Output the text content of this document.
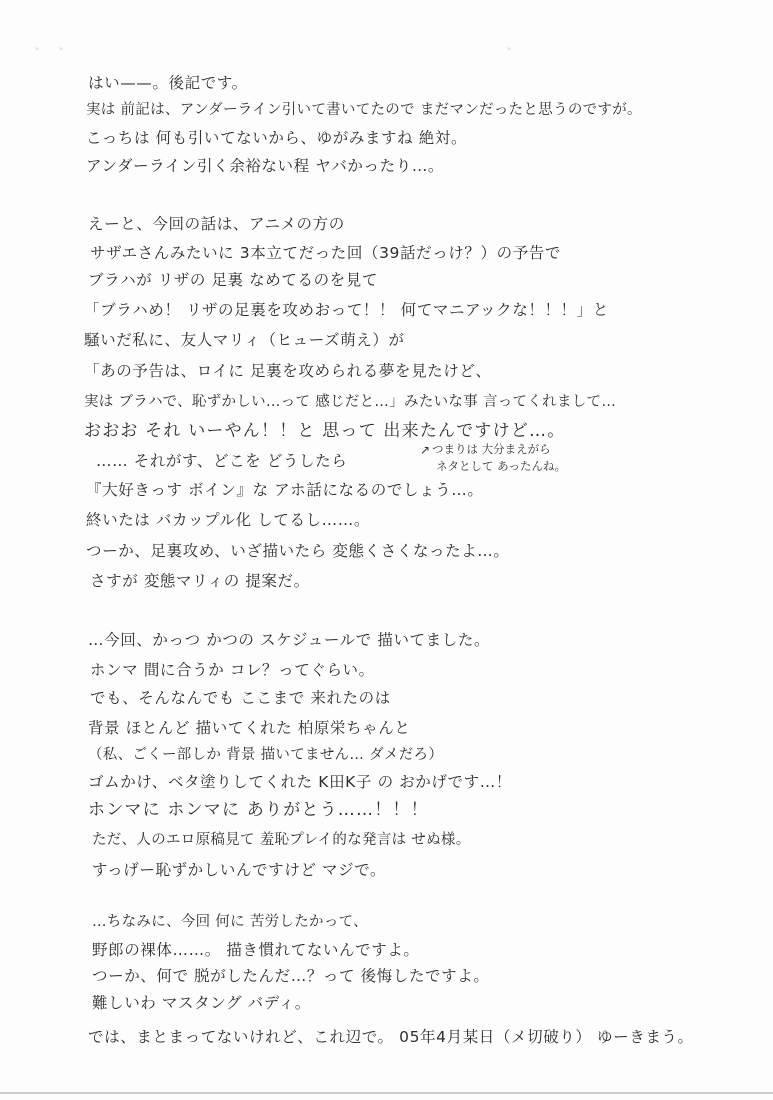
・・	・ 　　　
はい——。後記です。
実は 前記は、アンダーライン引いて書いてたので まだマンだったと思うのですが。
こっちは 何も引いてないから、ゆがみますね 絶対。
アンダーライン引く余裕ない程 ヤバかったり…。
えーと、今回の話は、アニメの方の
サザエさんみたいに 3本立てだった回（39話だっけ？）の予告で
ブラハが リザの 足裏 なめてるのを見て
「ブラハめ！ リザの足裏を攻めおって！！ 何てマニアックな！！！」と
騒いだ私に、友人マリィ（ヒューズ萌え）が
「あの予告は、ロイに 足裏を攻められる夢を見たけど、
実は ブラハで、恥ずかしい…って 感じだと…」みたいな事 言ってくれまして…
おおお それ いーやん！！と 思って 出来たんですけど…。
…… それがす、どこを どうしたら
『大好きっす ボイン』な アホ話になるのでしょう…。
終いたは バカップル化 してるし……。
つーか、足裏攻め、いざ描いたら 変態くさくなったよ…。
さすが 変態マリィの 提案だ。
↗ つまりは 大分まえがら
ネタとして あったんね。
…今回、かっつ かつの スケジュールで 描いてました。
ホンマ 間に合うか コレ？ってぐらい。
でも、そんなんでも ここまで 来れたのは
背景 ほとんど 描いてくれた 柏原栄ちゃんと
（私、ごくー部しか 背景 描いてません… ダメだろ）
ゴムかけ、ベタ塗りしてくれた K田K子 の おかげです…！
ホンマに ホンマに ありがとう……！！！
ただ、人のエロ原稿見て 羞恥プレイ的な発言は せぬ様。
すっげー恥ずかしいんですけど マジで。
…ちなみに、今回 何に 苦労したかって、
野郎の裸体……。 描き慣れてないんですよ。
つーか、何で 脱がしたんだ…？って 後悔したですよ。
難しいわ マスタング バディ。
では、まとまってないけれど、これ辺で。 05年4月某日（メ切破り） ゆーきまう。
